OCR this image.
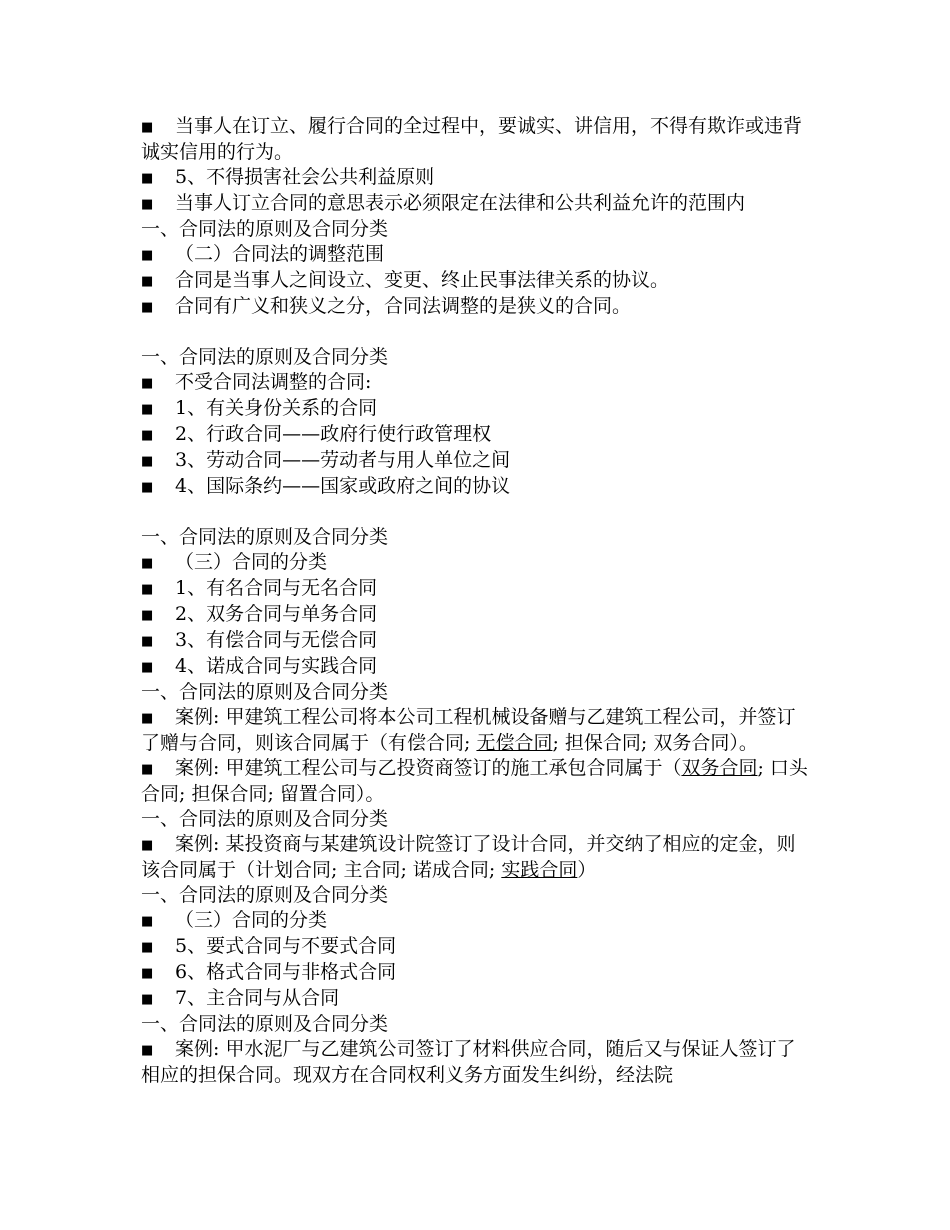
■ 当事人在订立、履行合同的全过程中，要诚实、讲信用，不得有欺诈或违背诚实信用的行为。
■ 5、不得损害社会公共利益原则
■ 当事人订立合同的意思表示必须限定在法律和公共利益允许的范围内
一、合同法的原则及合同分类
■ （二）合同法的调整范围
■ 合同是当事人之间设立、变更、终止民事法律关系的协议。
■ 合同有广义和狭义之分，合同法调整的是狭义的合同。
一、合同法的原则及合同分类
■ 不受合同法调整的合同:
■ 1、有关身份关系的合同
■ 2、行政合同——政府行使行政管理权
■ 3、劳动合同——劳动者与用人单位之间
■ 4、国际条约——国家或政府之间的协议
一、合同法的原则及合同分类
■ （三）合同的分类
■ 1、有名合同与无名合同
■ 2、双务合同与单务合同
■ 3、有偿合同与无偿合同
■ 4、诺成合同与实践合同
一、合同法的原则及合同分类
■ 案例: 甲建筑工程公司将本公司工程机械设备赠与乙建筑工程公司，并签订了赠与合同，则该合同属于（有偿合同; 无偿合同; 担保合同; 双务合同）。
■ 案例: 甲建筑工程公司与乙投资商签订的施工承包合同属于（双务合同; 口头合同; 担保合同; 留置合同）。
一、合同法的原则及合同分类
■ 案例: 某投资商与某建筑设计院签订了设计合同，并交纳了相应的定金，则该合同属于（计划合同; 主合同; 诺成合同; 实践合同）
一、合同法的原则及合同分类
■ （三）合同的分类
■ 5、要式合同与不要式合同
■ 6、格式合同与非格式合同
■ 7、主合同与从合同
一、合同法的原则及合同分类
■ 案例: 甲水泥厂与乙建筑公司签订了材料供应合同，随后又与保证人签订了相应的担保合同。现双方在合同权利义务方面发生纠纷，经法院
